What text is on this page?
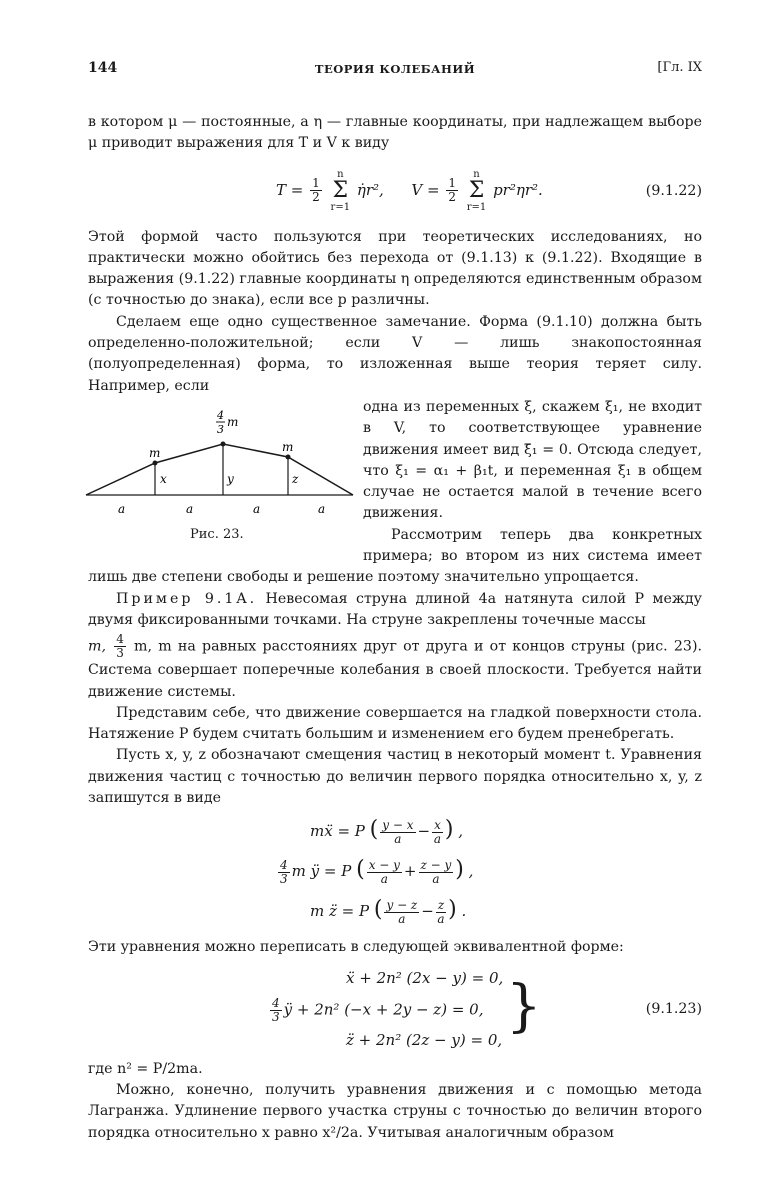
144	ТЕОРИЯ КОЛЕБАНИЙ	[Гл. IX

в котором μ — постоянные, а η — главные координаты, при надлежащем выборе μ приводит выражения для T и V к виду

$T = \frac{1}{2}$

n
Σ
r=1
η̇r², $V = \frac{1}{2}$

n
Σ
r=1
pr²ηr².	(9.1.22)

Этой формой часто пользуются при теоретических исследованиях, но практически можно обойтись без перехода от (9.1.13) к (9.1.22). Входящие в выражения (9.1.22) главные координаты η определяются единственным образом (с точностью до знака), если все p различны.

Сделаем еще одно существенное замечание. Форма (9.1.10) должна быть определенно-положительной; если V — лишь знакопостоянная (полуопределенная) форма, то изложенная выше теория теряет силу. Например, если

m
4
3
m
m
x	y	z
a	a	a	a
Рис. 23.

одна из переменных ξ, скажем ξ₁, не входит в V, то соответствующее уравнение движения имеет вид ξ̈₁ = 0. Отсюда следует, что ξ₁ = α₁ + β₁t, и переменная ξ₁ в общем случае не остается малой в течение всего движения.

Рассмотрим теперь два конкретных примера; во втором из них система имеет лишь две степени свободы и решение поэтому значительно упрощается.

Пример 9.1A. Невесомая струна длиной 4a натянута силой P между двумя фиксированными точками. На струне закреплены точечные массы

m, $\frac{4}{3} m$, m на равных расстояниях друг от друга и от концов струны (рис. 23). Система совершает поперечные колебания в своей плоскости. Требуется найти движение системы.

Представим себе, что движение совершается на гладкой поверхности стола. Натяжение P будем считать большим и изменением его будем пренебрегать.

Пусть x, y, z обозначают смещения частиц в некоторый момент t. Уравнения движения частиц с точностью до величин первого порядка относительно x, y, z запишутся в виде

mẍ = P ( $\frac{y - x}{a} - \frac{x}{a}$ ) ,
$\frac{4}{3}$ m ÿ = P ( $\frac{x - y}{a} + \frac{z - y}{a}$ ) ,
m z̈ = P ( $\frac{y - z}{a} - \frac{z}{a}$ ) .

Эти уравнения можно переписать в следующей эквивалентной форме:

ẍ + 2n² (2x − y) = 0,
$\frac{4}{3}$ ÿ + 2n² (−x + 2y − z) = 0,
z̈ + 2n² (2z − y) = 0,
}	(9.1.23)

где n² = P/2ma.

Можно, конечно, получить уравнения движения и с помощью метода Лагранжа. Удлинение первого участка струны с точностью до величин второго порядка относительно x равно x²/2a. Учитывая аналогичным образом
